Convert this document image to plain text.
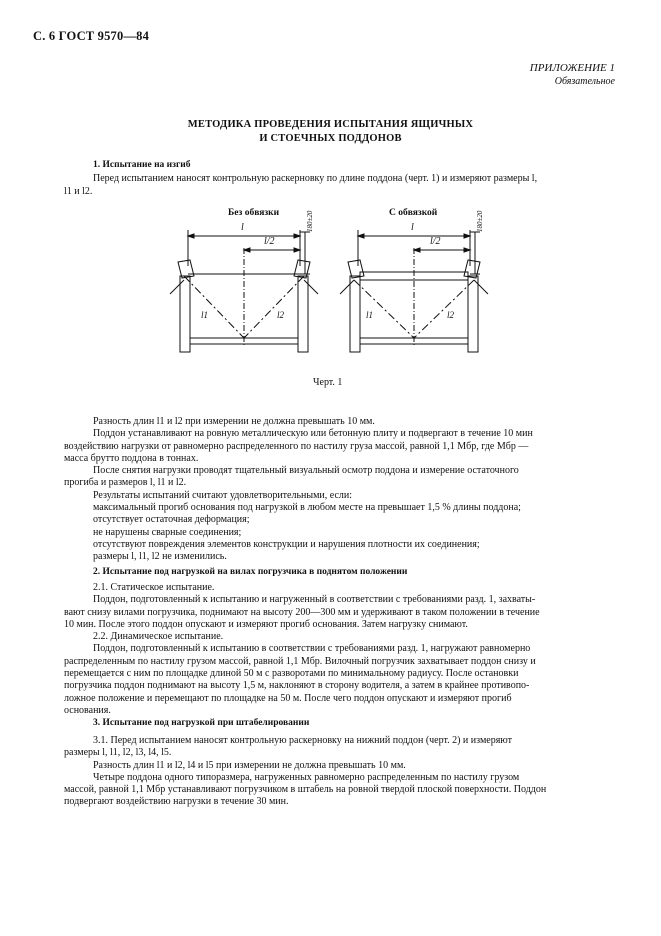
С. 6 ГОСТ 9570—84
ПРИЛОЖЕНИЕ 1
Обязательное
МЕТОДИКА ПРОВЕДЕНИЯ ИСПЫТАНИЯ ЯЩИЧНЫХ
И СТОЕЧНЫХ ПОДДОНОВ
1. Испытание на изгиб
Перед испытанием наносят контрольную раскерновку по длине поддона (черт. 1) и измеряют размеры l,
l1 и l2.
Без обвязки	С обвязкой
l
l/2
180±20
l1	l2
l
l/2
180±20
l1	l2
Черт. 1
Разность длин l1 и l2 при измерении не должна превышать 10 мм.
Поддон устанавливают на ровную металлическую или бетонную плиту и подвергают в течение 10 мин
воздействию нагрузки от равномерно распределенного по настилу груза массой, равной 1,1 Mбр, где Mбр —
масса брутто поддона в тоннах.
После снятия нагрузки проводят тщательный визуальный осмотр поддона и измерение остаточного
прогиба и размеров l, l1 и l2.
Результаты испытаний считают удовлетворительными, если:
максимальный прогиб основания под нагрузкой в любом месте на превышает 1,5 % длины поддона;
отсутствует остаточная деформация;
не нарушены сварные соединения;
отсутствуют повреждения элементов конструкции и нарушения плотности их соединения;
размеры l, l1, l2 не изменились.
2. Испытание под нагрузкой на вилах погрузчика в поднятом положении
2.1. Статическое испытание.
Поддон, подготовленный к испытанию и нагруженный в соответствии с требованиями разд. 1, захваты-
вают снизу вилами погрузчика, поднимают на высоту 200—300 мм и удерживают в таком положении в течение
10 мин. После этого поддон опускают и измеряют прогиб основания. Затем нагрузку снимают.
2.2. Динамическое испытание.
Поддон, подготовленный к испытанию в соответствии с требованиями разд. 1, нагружают равномерно
распределенным по настилу грузом массой, равной 1,1 Mбр. Вилочный погрузчик захватывает поддон снизу и
перемещается с ним по площадке длиной 50 м с разворотами по минимальному радиусу. После остановки
погрузчика поддон поднимают на высоту 1,5 м, наклоняют в сторону водителя, а затем в крайнее противопо-
ложное положение и перемещают по площадке на 50 м. После чего поддон опускают и измеряют прогиб
основания.
3. Испытание под нагрузкой при штабелировании
3.1. Перед испытанием наносят контрольную раскерновку на нижний поддон (черт. 2) и измеряют
размеры l, l1, l2, l3, l4, l5.
Разность длин l1 и l2, l4 и l5 при измерении не должна превышать 10 мм.
Четыре поддона одного типоразмера, нагруженных равномерно распределенным по настилу грузом
массой, равной 1,1 Mбр устанавливают погрузчиком в штабель на ровной твердой плоской поверхности. Поддон
подвергают воздействию нагрузки в течение 30 мин.
